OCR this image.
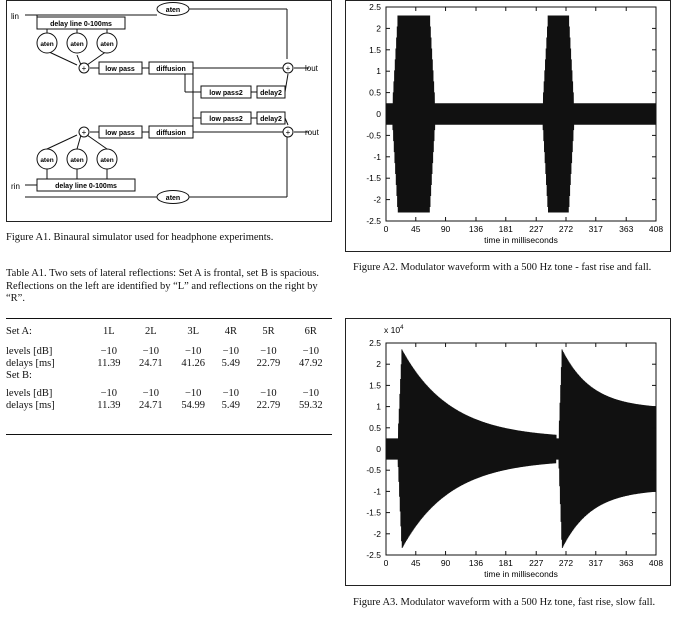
aten
lin
delay line 0-100ms
aten	aten	aten
+	low pass	diffusion	+ lout
low pass2 delay2
low pass2 delay2
+ rout
+	low pass	diffusion
aten	aten	aten
delay line 0-100ms
rin
aten
Figure A1. Binaural simulator used for headphone experiments.
Table A1. Two sets of lateral reflections: Set A is frontal, set B is spacious. Reflections on the left are identified by “L” and reflections on the right by “R”.
Set A:	1L	2L	3L	4R	5R	6R

levels [dB]	−10	−10	−10	−10	−10	−10
delays [ms]	11.39	24.71	41.26	5.49	22.79	47.92
Set B:						

levels [dB]	−10	−10	−10	−10	−10	−10
delays [ms]	11.39	24.71	54.99	5.49	22.79	59.32
0	45 90 136 181 227 272 317 363 408
2.5
2
1.5
1
0.5
0
-0.5
-1
-1.5
-2
-2.5
time in milliseconds
Figure A2. Modulator waveform with a 500 Hz tone - fast rise and fall.
0	45 90 136 181 227 272 317 363 408
2.5
2
1.5
1
0.5
0
-0.5
-1
-1.5
-2
-2.5
time in milliseconds
x $10^4$
Figure A3. Modulator waveform with a 500 Hz tone, fast rise, slow fall.
